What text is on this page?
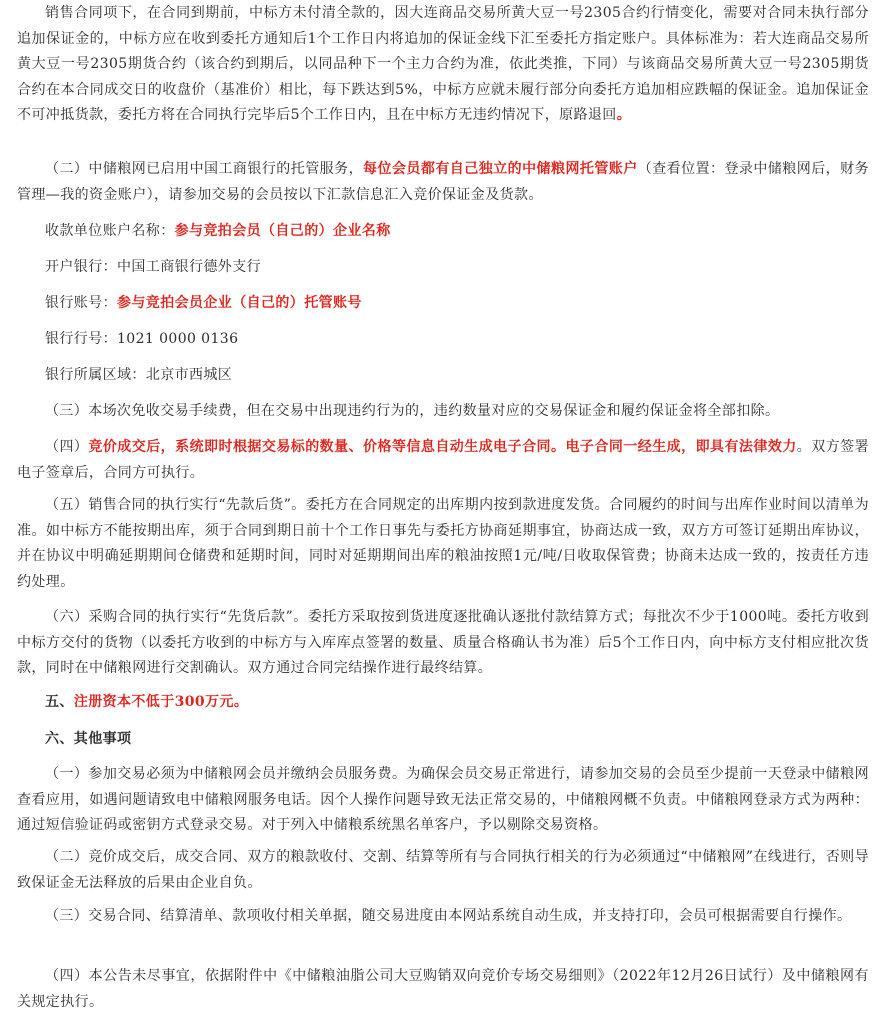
销售合同项下，在合同到期前，中标方未付清全款的，因大连商品交易所黄大豆一号2305合约行情变化，需要对合同未执行部分追加保证金的，中标方应在收到委托方通知后1个工作日内将追加的保证金线下汇至委托方指定账户。具体标准为：若大连商品交易所黄大豆一号2305期货合约（该合约到期后，以同品种下一个主力合约为准，依此类推，下同）与该商品交易所黄大豆一号2305期货合约在本合同成交日的收盘价（基准价）相比，每下跌达到5%，中标方应就未履行部分向委托方追加相应跌幅的保证金。追加保证金不可冲抵货款，委托方将在合同执行完毕后5个工作日内，且在中标方无违约情况下，原路退回。

（二）中储粮网已启用中国工商银行的托管服务，每位会员都有自己独立的中储粮网托管账户（查看位置：登录中储粮网后，财务管理—我的资金账户），请参加交易的会员按以下汇款信息汇入竞价保证金及货款。

收款单位账户名称：参与竞拍会员（自己的）企业名称

开户银行：中国工商银行德外支行

银行账号：参与竞拍会员企业（自己的）托管账号

银行行号：1021 0000 0136

银行所属区域：北京市西城区

（三）本场次免收交易手续费，但在交易中出现违约行为的，违约数量对应的交易保证金和履约保证金将全部扣除。

（四）竞价成交后，系统即时根据交易标的数量、价格等信息自动生成电子合同。电子合同一经生成，即具有法律效力。双方签署电子签章后，合同方可执行。

（五）销售合同的执行实行“先款后货”。委托方在合同规定的出库期内按到款进度发货。合同履约的时间与出库作业时间以清单为准。如中标方不能按期出库，须于合同到期日前十个工作日事先与委托方协商延期事宜，协商达成一致，双方方可签订延期出库协议，并在协议中明确延期期间仓储费和延期时间，同时对延期期间出库的粮油按照1元/吨/日收取保管费；协商未达成一致的，按责任方违约处理。

（六）采购合同的执行实行“先货后款”。委托方采取按到货进度逐批确认逐批付款结算方式；每批次不少于1000吨。委托方收到中标方交付的货物（以委托方收到的中标方与入库库点签署的数量、质量合格确认书为准）后5个工作日内，向中标方支付相应批次货款，同时在中储粮网进行交割确认。双方通过合同完结操作进行最终结算。

五、注册资本不低于300万元。

六、其他事项

（一）参加交易必须为中储粮网会员并缴纳会员服务费。为确保会员交易正常进行，请参加交易的会员至少提前一天登录中储粮网查看应用，如遇问题请致电中储粮网服务电话。因个人操作问题导致无法正常交易的，中储粮网概不负责。中储粮网登录方式为两种：通过短信验证码或密钥方式登录交易。对于列入中储粮系统黑名单客户，予以剔除交易资格。

（二）竞价成交后，成交合同、双方的粮款收付、交割、结算等所有与合同执行相关的行为必须通过“中储粮网”在线进行，否则导致保证金无法释放的后果由企业自负。

（三）交易合同、结算清单、款项收付相关单据，随交易进度由本网站系统自动生成，并支持打印，会员可根据需要自行操作。

（四）本公告未尽事宜，依据附件中《中储粮油脂公司大豆购销双向竞价专场交易细则》（2022年12月26日试行）及中储粮网有关规定执行。
